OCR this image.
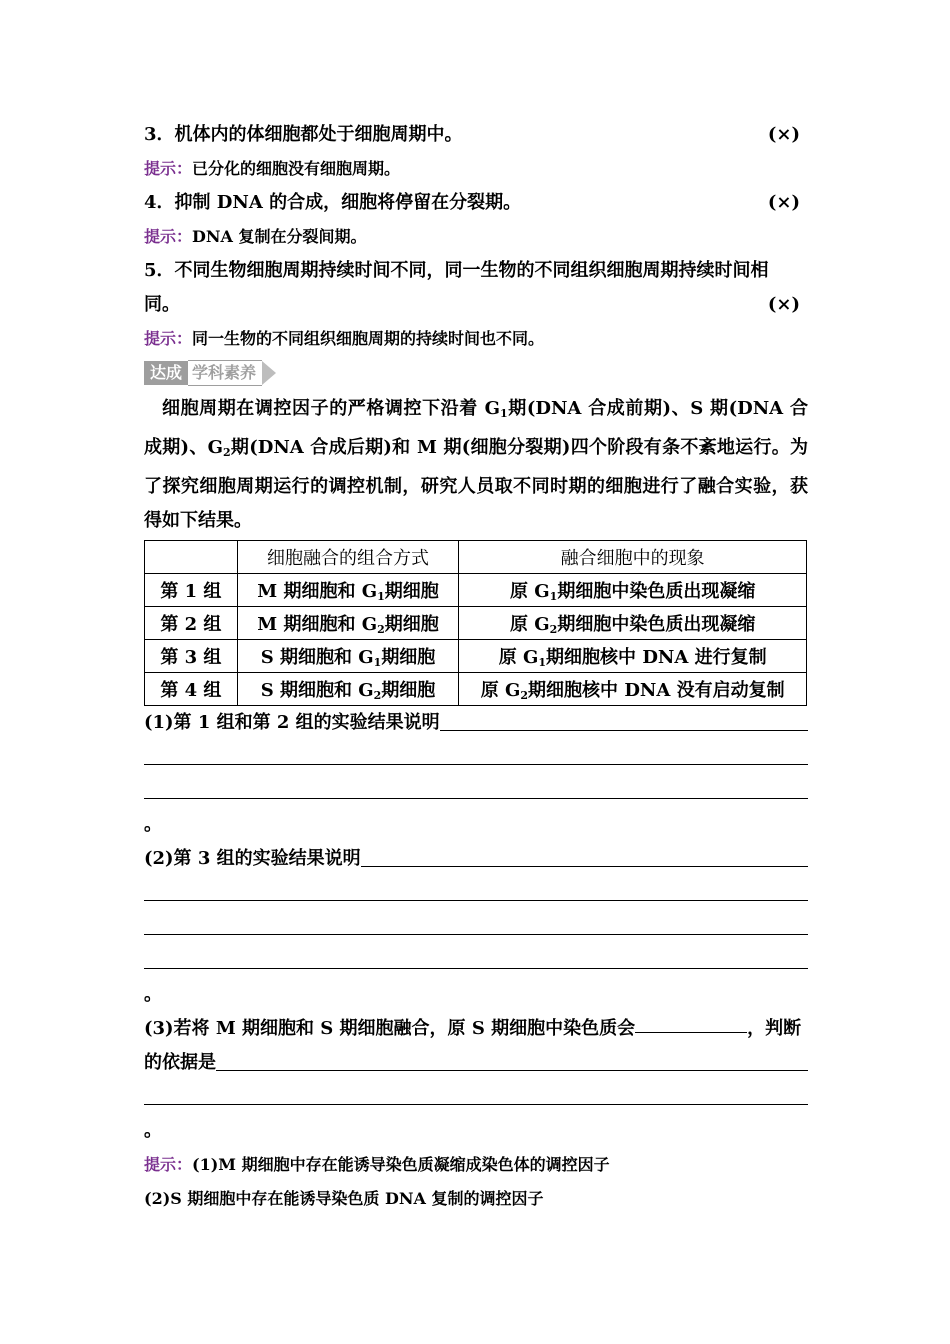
3．机体内的体细胞都处于细胞周期中。	(×)
提示：已分化的细胞没有细胞周期。
4．抑制 DNA 的合成，细胞将停留在分裂期。	(×)
提示：DNA 复制在分裂间期。
5．不同生物细胞周期持续时间不同，同一生物的不同组织细胞周期持续时间相
同。	(×)
提示：同一生物的不同组织细胞周期的持续时间也不同。
达成 学科素养
细胞周期在调控因子的严格调控下沿着 $G_1$期(DNA 合成前期)、S 期(DNA 合成期)、$G_2$期(DNA 合成后期)和 M 期(细胞分裂期)四个阶段有条不紊地运行。为了探究细胞周期运行的调控机制，研究人员取不同时期的细胞进行了融合实验，获得如下结果。
	细胞融合的组合方式	融合细胞中的现象
第 1 组	M 期细胞和 $G_1$期细胞	原 $G_1$期细胞中染色质出现凝缩
第 2 组	M 期细胞和 $G_2$期细胞	原 $G_2$期细胞中染色质出现凝缩
第 3 组	S 期细胞和 $G_1$期细胞	原 $G_1$期细胞核中 DNA 进行复制
第 4 组	S 期细胞和 $G_2$期细胞	原 $G_2$期细胞核中 DNA 没有启动复制
(1)第 1 组和第 2 组的实验结果说明
。
(2)第 3 组的实验结果说明
。
(3)若将 M 期细胞和 S 期细胞融合，原 S 期细胞中染色质会	，判断
的依据是
。
提示：(1)M 期细胞中存在能诱导染色质凝缩成染色体的调控因子
(2)S 期细胞中存在能诱导染色质 DNA 复制的调控因子
